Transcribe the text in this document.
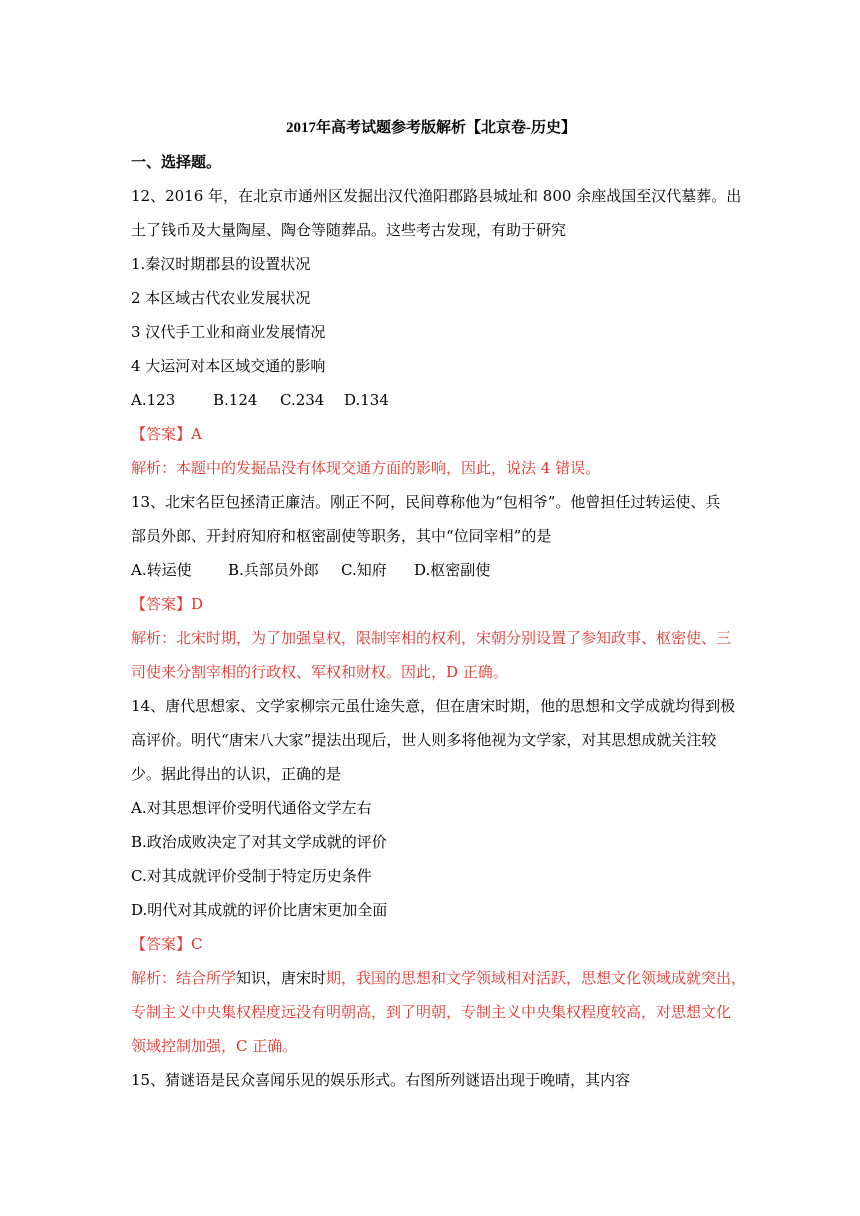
2017年高考试题参考版解析【北京卷-历史】
一、选择题。
12、2016 年，在北京市通州区发掘出汉代渔阳郡路县城址和 800 余座战国至汉代墓葬。出
土了钱币及大量陶屋、陶仓等随葬品。这些考古发现，有助于研究
1.秦汉时期郡县的设置状况
2 本区域古代农业发展状况
3 汉代手工业和商业发展情况
4 大运河对本区域交通的影响
A.123	B.124 C.234 D.134
【答案】A
解析：本题中的发掘品没有体现交通方面的影响，因此，说法 4 错误。
13、北宋名臣包拯清正廉洁。刚正不阿，民间尊称他为“包相爷”。他曾担任过转运使、兵
部员外郎、开封府知府和枢密副使等职务，其中“位同宰相”的是
A.转运使 B.兵部员外郎 C.知府 D.枢密副使
【答案】D
解析：北宋时期，为了加强皇权，限制宰相的权利，宋朝分别设置了参知政事、枢密使、三
司使来分割宰相的行政权、军权和财权。因此，D 正确。
14、唐代思想家、文学家柳宗元虽仕途失意，但在唐宋时期，他的思想和文学成就均得到极
高评价。明代“唐宋八大家”提法出现后，世人则多将他视为文学家，对其思想成就关注较
少。据此得出的认识，正确的是
A.对其思想评价受明代通俗文学左右
B.政治成败决定了对其文学成就的评价
C.对其成就评价受制于特定历史条件
D.明代对其成就的评价比唐宋更加全面
【答案】C
解析：结合所学知识，唐宋时期，我国的思想和文学领域相对活跃，思想文化领域成就突出，
专制主义中央集权程度远没有明朝高，到了明朝，专制主义中央集权程度较高，对思想文化
领域控制加强，C 正确。
15、猜谜语是民众喜闻乐见的娱乐形式。右图所列谜语出现于晚晴，其内容
